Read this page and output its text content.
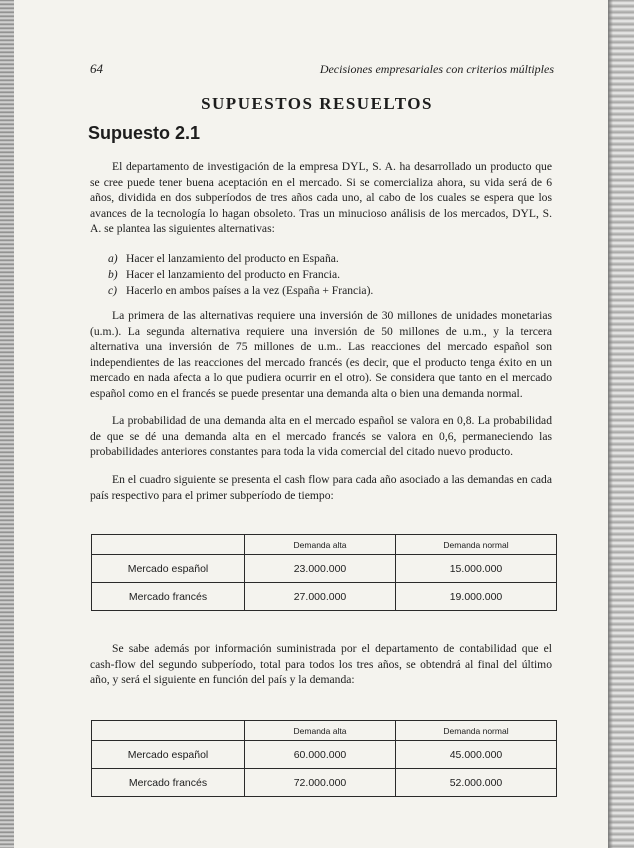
64	Decisiones empresariales con criterios múltiples
SUPUESTOS RESUELTOS
Supuesto 2.1

El departamento de investigación de la empresa DYL, S. A. ha desarrollado un producto que se cree puede tener buena aceptación en el mercado. Si se comercializa ahora, su vida será de 6 años, dividida en dos subperíodos de tres años cada uno, al cabo de los cuales se espera que los avances de la tecnología lo hagan obsoleto. Tras un minucioso análisis de los mercados, DYL, S. A. se plantea las siguientes alternativas:

a) Hacer el lanzamiento del producto en España.
b) Hacer el lanzamiento del producto en Francia.
c) Hacerlo en ambos países a la vez (España + Francia).

La primera de las alternativas requiere una inversión de 30 millones de unidades monetarias (u.m.). La segunda alternativa requiere una inversión de 50 millones de u.m., y la tercera alternativa una inversión de 75 millones de u.m.. Las reacciones del mercado español son independientes de las reacciones del mercado francés (es decir, que el producto tenga éxito en un mercado en nada afecta a lo que pudiera ocurrir en el otro). Se considera que tanto en el mercado español como en el francés se puede presentar una demanda alta o bien una demanda normal.

La probabilidad de una demanda alta en el mercado español se valora en 0,8. La probabilidad de que se dé una demanda alta en el mercado francés se valora en 0,6, permaneciendo las probabilidades anteriores constantes para toda la vida comercial del citado nuevo producto.

En el cuadro siguiente se presenta el cash flow para cada año asociado a las demandas en cada país respectivo para el primer subperíodo de tiempo:

	Demanda alta	Demanda normal
Mercado español	23.000.000	15.000.000
Mercado francés	27.000.000	19.000.000

Se sabe además por información suministrada por el departamento de contabilidad que el cash-flow del segundo subperíodo, total para todos los tres años, se obtendrá al final del último año, y será el siguiente en función del país y la demanda:

	Demanda alta	Demanda normal
Mercado español	60.000.000	45.000.000
Mercado francés	72.000.000	52.000.000
